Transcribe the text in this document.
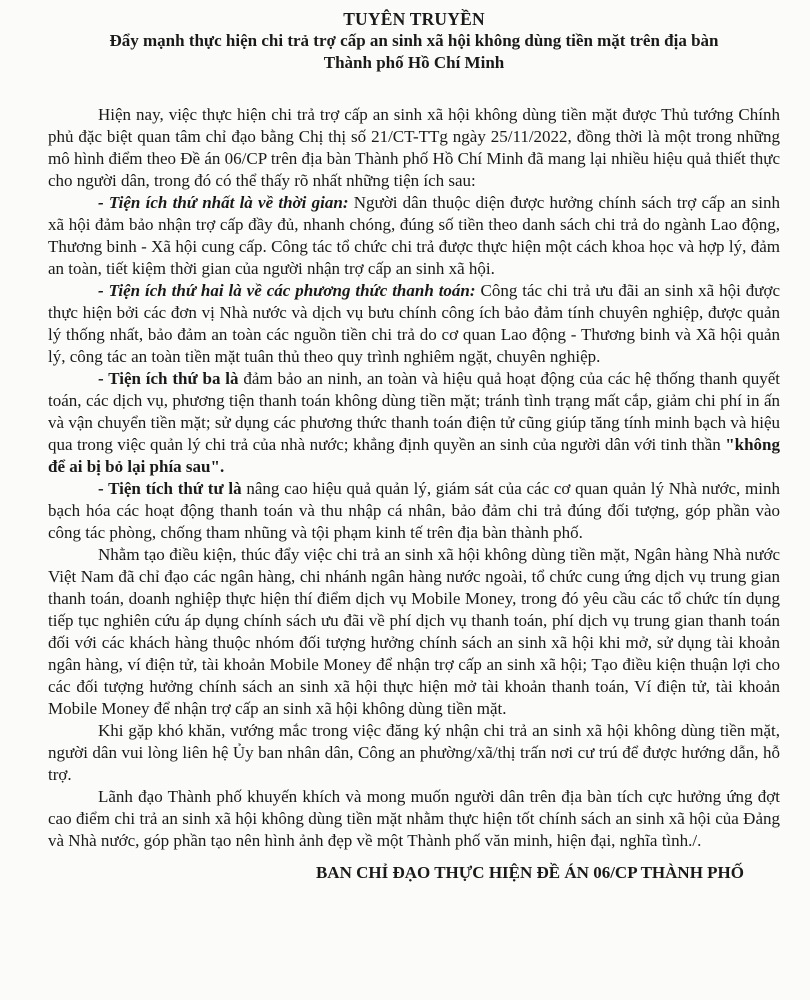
TUYÊN TRUYỀN
Đẩy mạnh thực hiện chi trả trợ cấp an sinh xã hội không dùng tiền mặt trên địa bàn
Thành phố Hồ Chí Minh

Hiện nay, việc thực hiện chi trả trợ cấp an sinh xã hội không dùng tiền mặt được Thủ tướng Chính phủ đặc biệt quan tâm chỉ đạo bằng Chị thị số 21/CT-TTg ngày 25/11/2022, đồng thời là một trong những mô hình điểm theo Đề án 06/CP trên địa bàn Thành phố Hồ Chí Minh đã mang lại nhiều hiệu quả thiết thực cho người dân, trong đó có thể thấy rõ nhất những tiện ích sau:

- Tiện ích thứ nhất là về thời gian: Người dân thuộc diện được hưởng chính sách trợ cấp an sinh xã hội đảm bảo nhận trợ cấp đầy đủ, nhanh chóng, đúng số tiền theo danh sách chi trả do ngành Lao động, Thương binh - Xã hội cung cấp. Công tác tổ chức chi trả được thực hiện một cách khoa học và hợp lý, đảm an toàn, tiết kiệm thời gian của người nhận trợ cấp an sinh xã hội.

- Tiện ích thứ hai là về các phương thức thanh toán: Công tác chi trả ưu đãi an sinh xã hội được thực hiện bởi các đơn vị Nhà nước và dịch vụ bưu chính công ích bảo đảm tính chuyên nghiệp, được quản lý thống nhất, bảo đảm an toàn các nguồn tiền chi trả do cơ quan Lao động - Thương binh và Xã hội quản lý, công tác an toàn tiền mặt tuân thủ theo quy trình nghiêm ngặt, chuyên nghiệp.

- Tiện ích thứ ba là đảm bảo an ninh, an toàn và hiệu quả hoạt động của các hệ thống thanh quyết toán, các dịch vụ, phương tiện thanh toán không dùng tiền mặt; tránh tình trạng mất cắp, giảm chi phí in ấn và vận chuyển tiền mặt; sử dụng các phương thức thanh toán điện tử cũng giúp tăng tính minh bạch và hiệu qua trong việc quản lý chi trả của nhà nước; khẳng định quyền an sinh của người dân với tinh thần "không để ai bị bỏ lại phía sau".

- Tiện tích thứ tư là nâng cao hiệu quả quản lý, giám sát của các cơ quan quản lý Nhà nước, minh bạch hóa các hoạt động thanh toán và thu nhập cá nhân, bảo đảm chi trả đúng đối tượng, góp phần vào công tác phòng, chống tham nhũng và tội phạm kinh tế trên địa bàn thành phố.

Nhằm tạo điều kiện, thúc đẩy việc chi trả an sinh xã hội không dùng tiền mặt, Ngân hàng Nhà nước Việt Nam đã chỉ đạo các ngân hàng, chi nhánh ngân hàng nước ngoài, tổ chức cung ứng dịch vụ trung gian thanh toán, doanh nghiệp thực hiện thí điểm dịch vụ Mobile Money, trong đó yêu cầu các tổ chức tín dụng tiếp tục nghiên cứu áp dụng chính sách ưu đãi về phí dịch vụ thanh toán, phí dịch vụ trung gian thanh toán đối với các khách hàng thuộc nhóm đối tượng hưởng chính sách an sinh xã hội khi mở, sử dụng tài khoản ngân hàng, ví điện tử, tài khoản Mobile Money để nhận trợ cấp an sinh xã hội; Tạo điều kiện thuận lợi cho các đối tượng hưởng chính sách an sinh xã hội thực hiện mở tài khoản thanh toán, Ví điện tử, tài khoản Mobile Money để nhận trợ cấp an sinh xã hội không dùng tiền mặt.

Khi gặp khó khăn, vướng mắc trong việc đăng ký nhận chi trả an sinh xã hội không dùng tiền mặt, người dân vui lòng liên hệ Ủy ban nhân dân, Công an phường/xã/thị trấn nơi cư trú để được hướng dẫn, hỗ trợ.

Lãnh đạo Thành phố khuyến khích và mong muốn người dân trên địa bàn tích cực hưởng ứng đợt cao điểm chi trả an sinh xã hội không dùng tiền mặt nhằm thực hiện tốt chính sách an sinh xã hội của Đảng và Nhà nước, góp phần tạo nên hình ảnh đẹp về một Thành phố văn minh, hiện đại, nghĩa tình./.

BAN CHỈ ĐẠO THỰC HIỆN ĐỀ ÁN 06/CP THÀNH PHỐ
